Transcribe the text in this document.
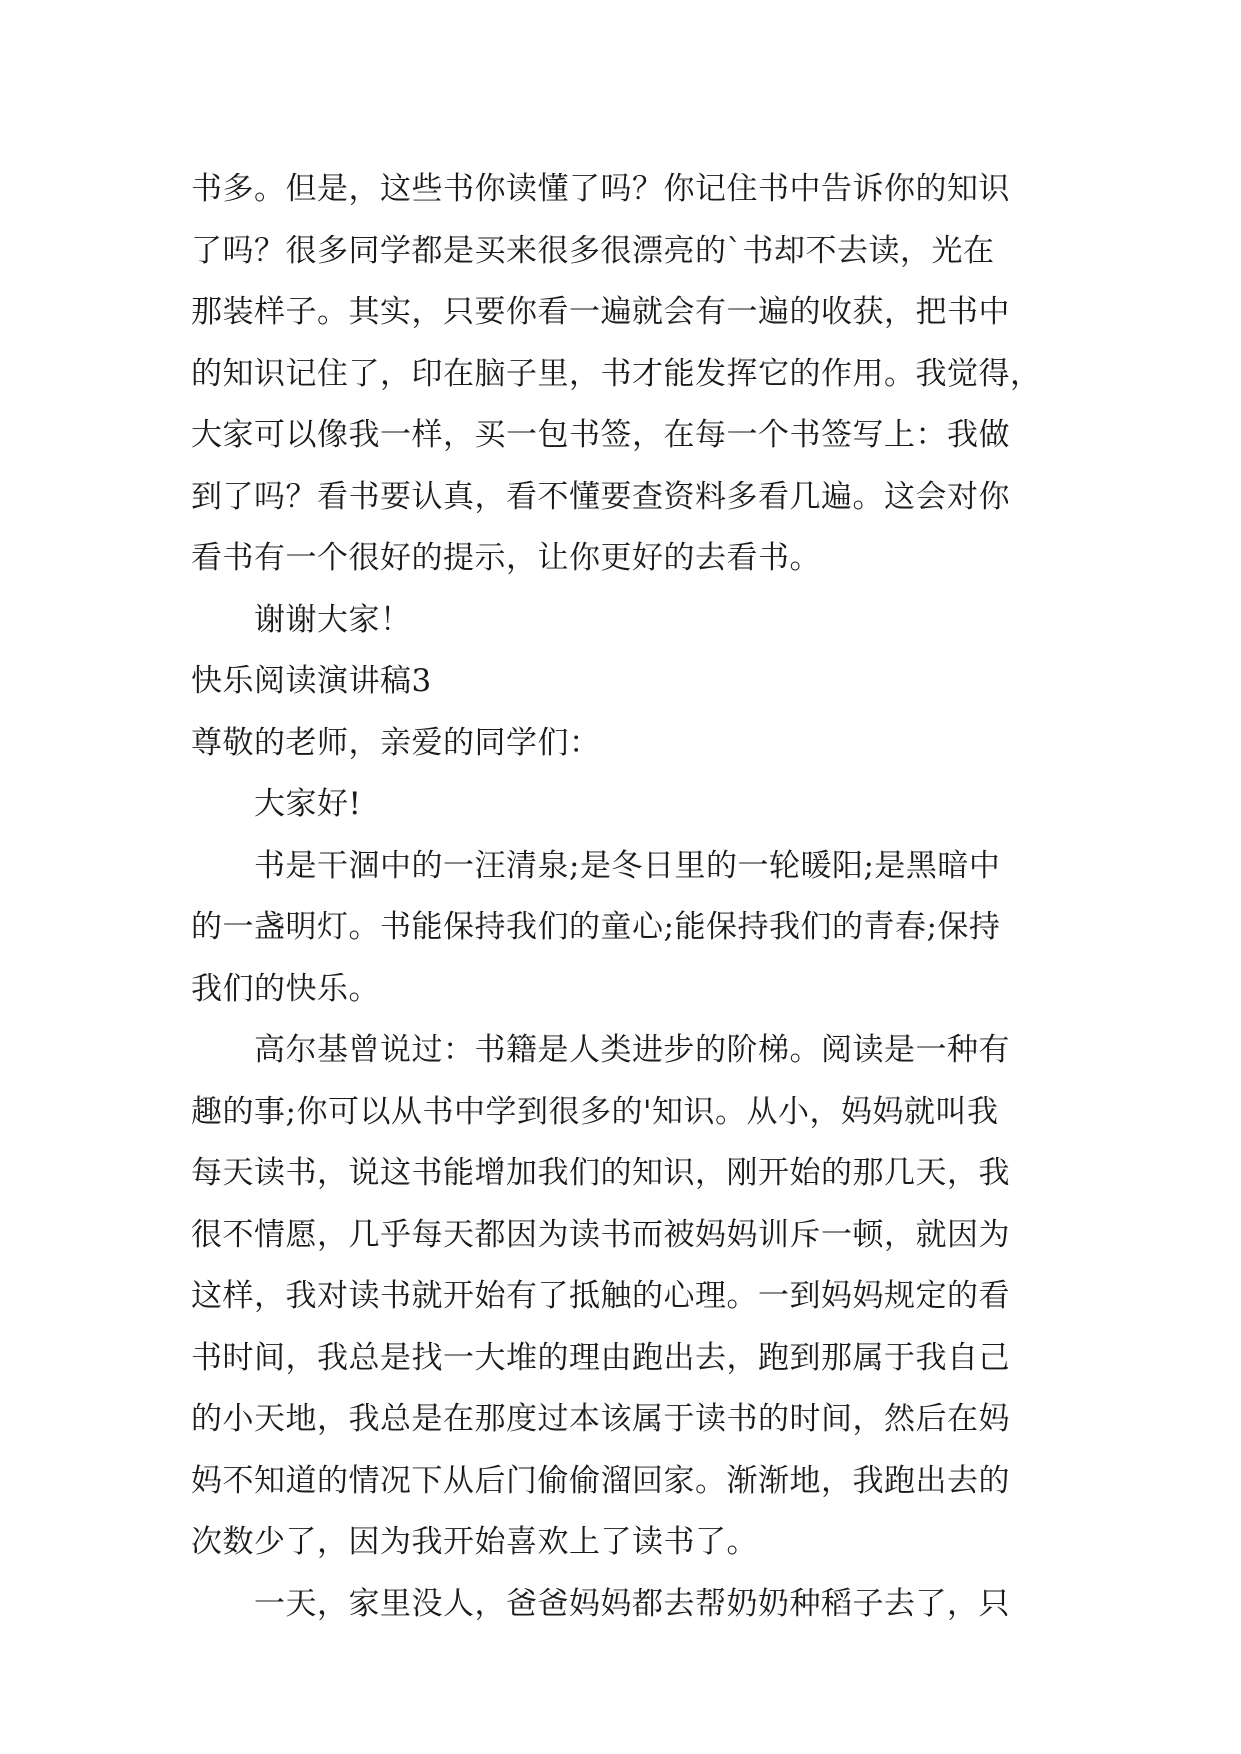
书多。但是，这些书你读懂了吗？你记住书中告诉你的知识
了吗？很多同学都是买来很多很漂亮的`书却不去读，光在
那装样子。其实，只要你看一遍就会有一遍的收获，把书中
的知识记住了，印在脑子里，书才能发挥它的作用。我觉得，
大家可以像我一样，买一包书签，在每一个书签写上：我做
到了吗？看书要认真，看不懂要查资料多看几遍。这会对你
看书有一个很好的提示，让你更好的去看书。
谢谢大家！
快乐阅读演讲稿3
尊敬的老师，亲爱的同学们：
大家好!
书是干涸中的一汪清泉;是冬日里的一轮暖阳;是黑暗中
的一盏明灯。书能保持我们的童心;能保持我们的青春;保持
我们的快乐。
高尔基曾说过：书籍是人类进步的阶梯。阅读是一种有
趣的事;你可以从书中学到很多的'知识。从小，妈妈就叫我
每天读书，说这书能增加我们的知识，刚开始的那几天，我
很不情愿，几乎每天都因为读书而被妈妈训斥一顿，就因为
这样，我对读书就开始有了抵触的心理。一到妈妈规定的看
书时间，我总是找一大堆的理由跑出去，跑到那属于我自己
的小天地，我总是在那度过本该属于读书的时间，然后在妈
妈不知道的情况下从后门偷偷溜回家。渐渐地，我跑出去的
次数少了，因为我开始喜欢上了读书了。
一天，家里没人，爸爸妈妈都去帮奶奶种稻子去了，只
